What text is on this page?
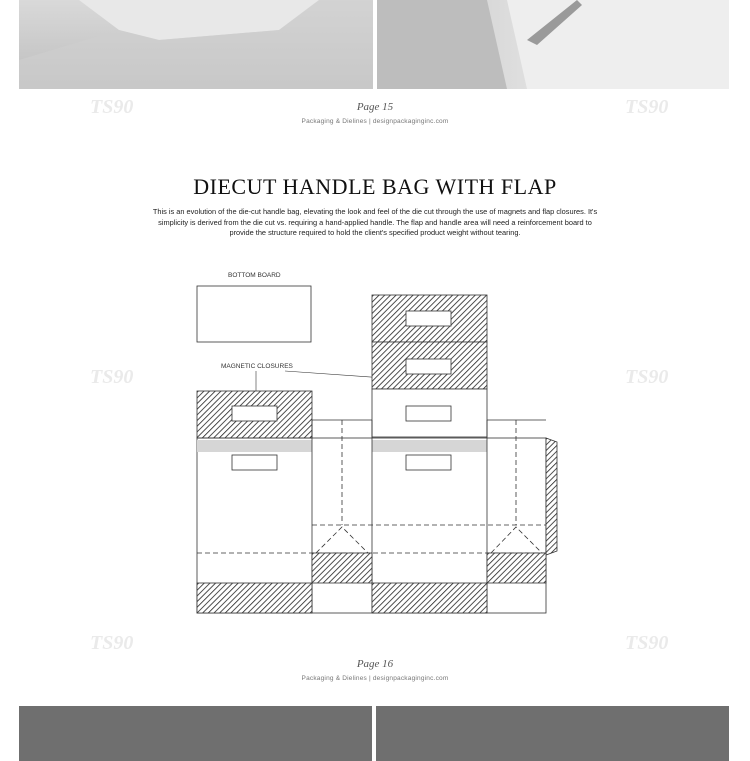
Page 15
Packaging & Dielines | designpackaginginc.com
TS90	TS90
TS90	TS90
TS90	TS90
DIECUT HANDLE BAG WITH FLAP

This is an evolution of the die-cut handle bag, elevating the look and feel of the die cut through the use of magnets and flap closures. It's simplicity is derived from the die cut vs. requiring a hand-applied handle. The flap and handle area will need a reinforcement board to provide the structure required to hold the client's specified product weight without tearing.

BOTTOM BOARD
MAGNETIC CLOSURES
Page 16
Packaging & Dielines | designpackaginginc.com
